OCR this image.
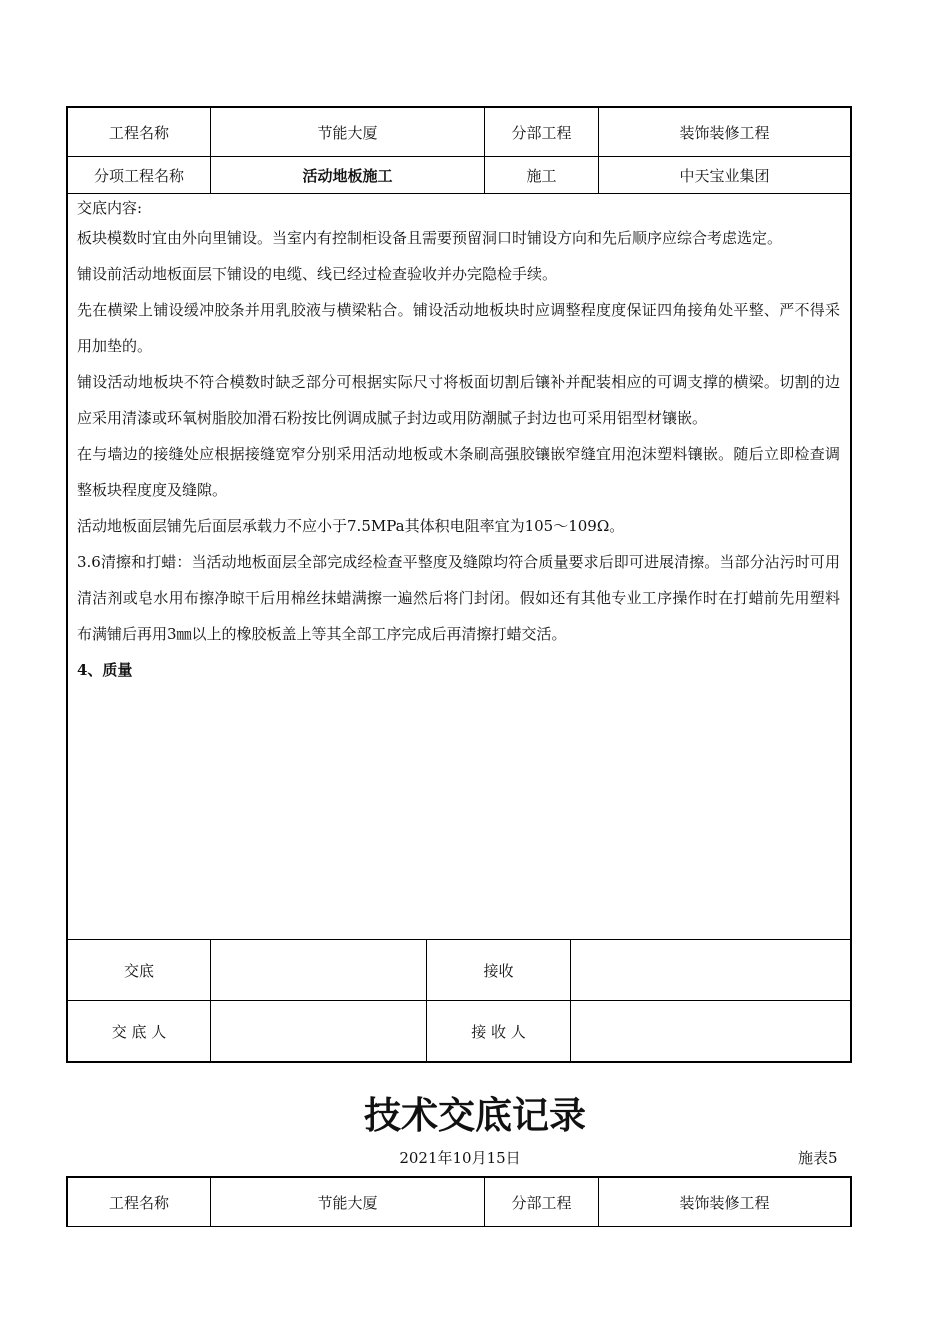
工程名称	节能大厦	分部工程	装饰装修工程
分项工程名称	活动地板施工	施工	中天宝业集团

交底内容:

板块模数时宜由外向里铺设。当室内有控制柜设备且需要预留洞口时铺设方向和先后顺序应综合考虑选定。

铺设前活动地板面层下铺设的电缆、线已经过检查验收并办完隐检手续。

先在横梁上铺设缓冲胶条并用乳胶液与横梁粘合。铺设活动地板块时应调整程度度保证四角接角处平整、严不得采用加垫的。

铺设活动地板块不符合模数时缺乏部分可根据实际尺寸将板面切割后镶补并配装相应的可调支撑的横梁。切割的边应采用清漆或环氧树脂胶加滑石粉按比例调成腻子封边或用防潮腻子封边也可采用铝型材镶嵌。

在与墙边的接缝处应根据接缝宽窄分别采用活动地板或木条刷高强胶镶嵌窄缝宜用泡沫塑料镶嵌。随后立即检查调整板块程度度及缝隙。

活动地板面层铺先后面层承载力不应小于7.5MPa其体积电阻率宜为105～109Ω。

3.6清擦和打蜡：当活动地板面层全部完成经检查平整度及缝隙均符合质量要求后即可进展清擦。当部分沾污时可用清洁剂或皂水用布擦净晾干后用棉丝抹蜡满擦一遍然后将门封闭。假如还有其他专业工序操作时在打蜡前先用塑料布满铺后再用3㎜以上的橡胶板盖上等其全部工序完成后再清擦打蜡交活。

4、质量

交底	接收
交 底 人	接 收 人
技术交底记录
2021年10月15日	施表5
工程名称	节能大厦	分部工程	装饰装修工程
